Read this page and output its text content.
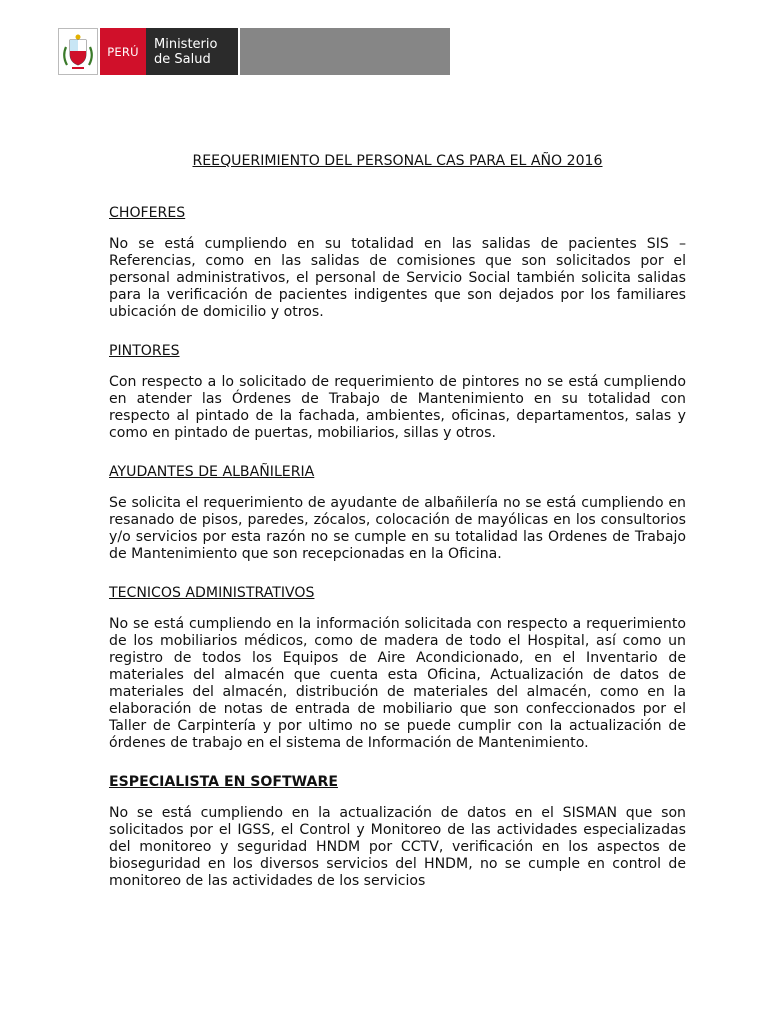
PERÚ	Ministerio
de Salud
REEQUERIMIENTO DEL PERSONAL CAS PARA EL AÑO 2016
CHOFERES

No se está cumpliendo en su totalidad en las salidas de pacientes SIS – Referencias, como en las salidas de comisiones que son solicitados por el personal administrativos, el personal de Servicio Social también solicita salidas para la verificación de pacientes indigentes que son dejados por los familiares ubicación de domicilio y otros.

PINTORES

Con respecto a lo solicitado de requerimiento de pintores no se está cumpliendo en atender las Órdenes de Trabajo de Mantenimiento en su totalidad con respecto al pintado de la fachada, ambientes, oficinas, departamentos, salas y como en pintado de puertas, mobiliarios, sillas y otros.

AYUDANTES DE ALBAÑILERIA

Se solicita el requerimiento de ayudante de albañilería no se está cumpliendo en resanado de pisos, paredes, zócalos, colocación de mayólicas en los consultorios y/o servicios por esta razón no se cumple en su totalidad las Ordenes de Trabajo de Mantenimiento que son recepcionadas en la Oficina.

TECNICOS ADMINISTRATIVOS

No se está cumpliendo en la información solicitada con respecto a requerimiento de los mobiliarios médicos, como de madera de todo el Hospital, así como un registro de todos los Equipos de Aire Acondicionado, en el Inventario de materiales del almacén que cuenta esta Oficina, Actualización de datos de materiales del almacén, distribución de materiales del almacén, como en la elaboración de notas de entrada de mobiliario que son confeccionados por el Taller de Carpintería y por ultimo no se puede cumplir con la actualización de órdenes de trabajo en el sistema de Información de Mantenimiento.

ESPECIALISTA EN SOFTWARE

No se está cumpliendo en la actualización de datos en el SISMAN que son solicitados por el IGSS, el Control y Monitoreo de las actividades especializadas del monitoreo y seguridad HNDM por CCTV, verificación en los aspectos de bioseguridad en los diversos servicios del HNDM, no se cumple en control de monitoreo de las actividades de los servicios
